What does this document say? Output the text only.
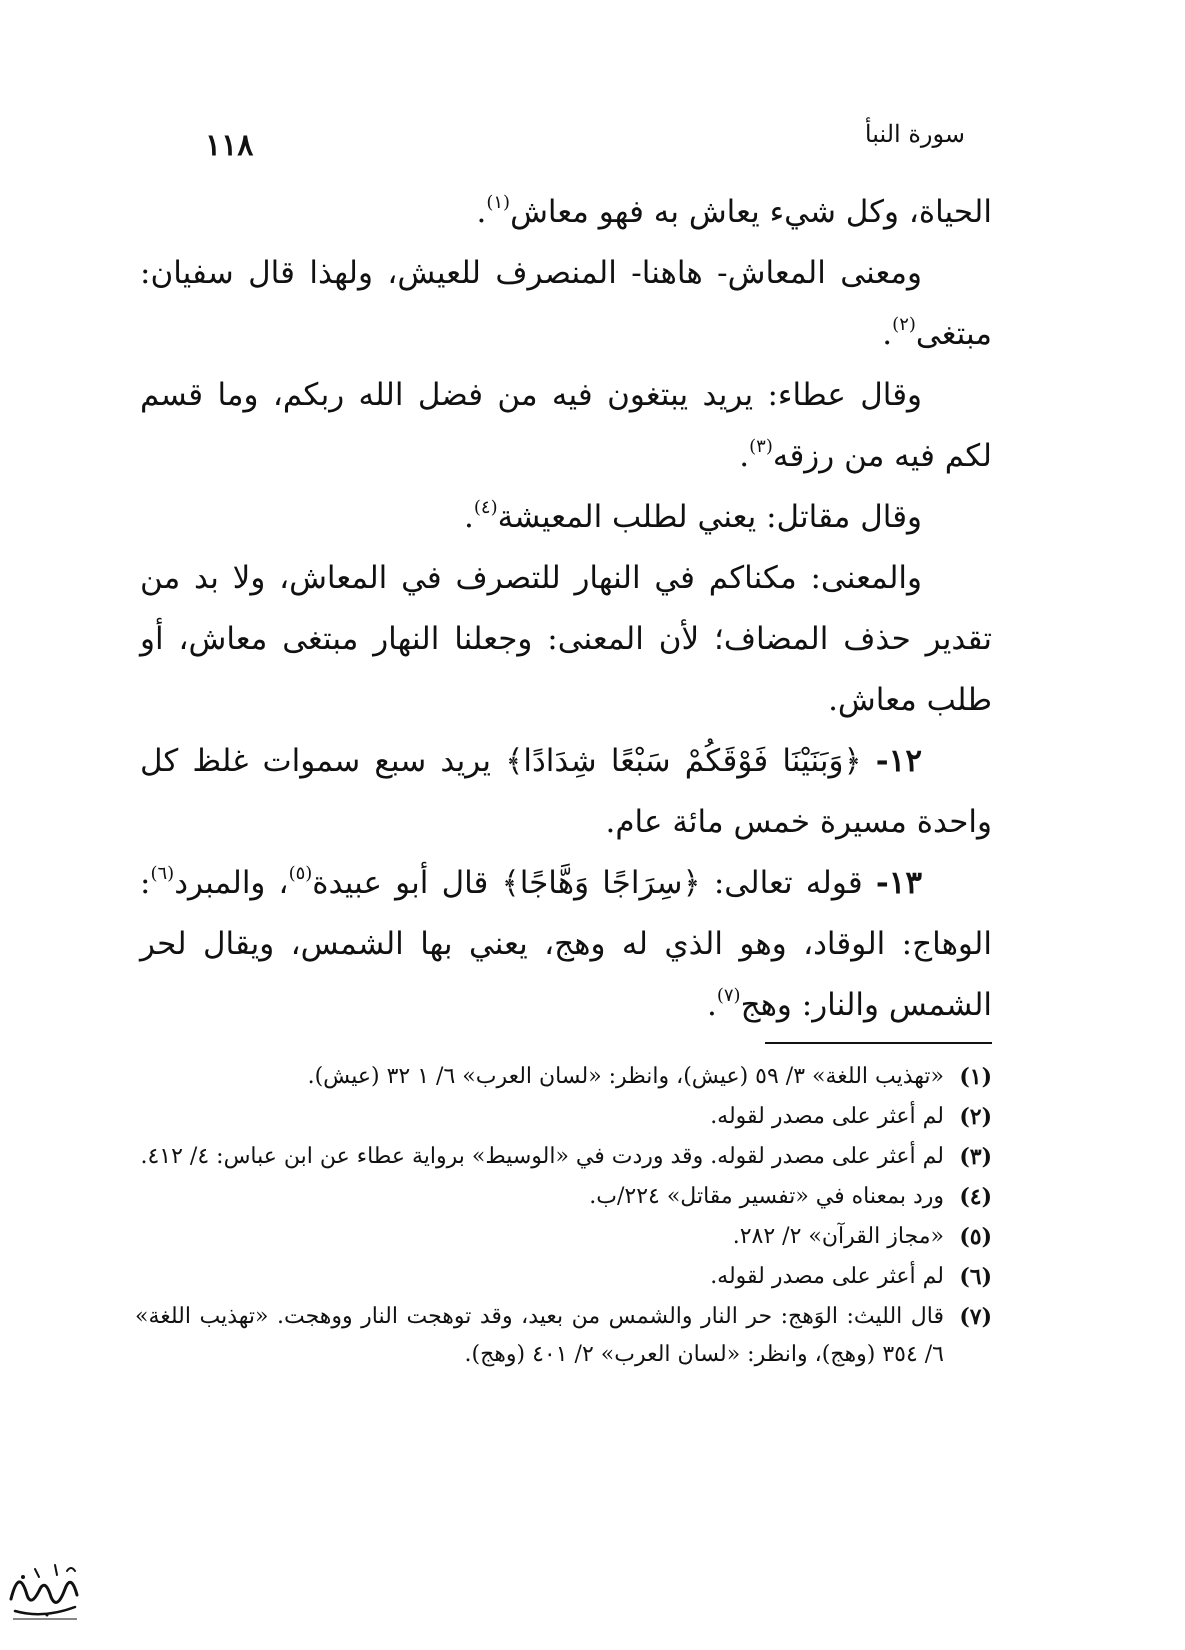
١١٨	سورة النبأ

الحياة، وكل شيء يعاش به فهو معاش$^{(١)}$.

ومعنى المعاش- هاهنا- المنصرف للعيش، ولهذا قال سفيان: مبتغى$^{(٢)}$.

وقال عطاء: يريد يبتغون فيه من فضل الله ربكم، وما قسم لكم فيه من رزقه$^{(٣)}$.

وقال مقاتل: يعني لطلب المعيشة$^{(٤)}$.

والمعنى: مكناكم في النهار للتصرف في المعاش، ولا بد من تقدير حذف المضاف؛ لأن المعنى: وجعلنا النهار مبتغى معاش، أو طلب معاش.

١٢- ﴿وَبَنَيْنَا فَوْقَكُمْ سَبْعًا شِدَادًا﴾ يريد سبع سموات غلظ كل واحدة مسيرة خمس مائة عام.

١٣- قوله تعالى: ﴿سِرَاجًا وَهَّاجًا﴾ قال أبو عبيدة$^{(٥)}$، والمبرد$^{(٦)}$: الوهاج: الوقاد، وهو الذي له وهج، يعني بها الشمس، ويقال لحر الشمس والنار: وهج$^{(٧)}$.

(١)
«تهذيب اللغة» ٣/ ٥٩ (عيش)، وانظر: «لسان العرب» ٦/ ١ ٣٢ (عيش).

(٢)
لم أعثر على مصدر لقوله.

(٣)
لم أعثر على مصدر لقوله. وقد وردت في «الوسيط» برواية عطاء عن ابن عباس: ٤/ ٤١٢.

(٤)
ورد بمعناه في «تفسير مقاتل» ٢٢٤/ب.

(٥)
«مجاز القرآن» ٢/ ٢٨٢.

(٦)
لم أعثر على مصدر لقوله.

(٧)
قال الليث: الوَهج: حر النار والشمس من بعيد، وقد توهجت النار ووهجت. «تهذيب اللغة» ٦/ ٣٥٤ (وهج)، وانظر: «لسان العرب» ٢/ ٤٠١ (وهج).
